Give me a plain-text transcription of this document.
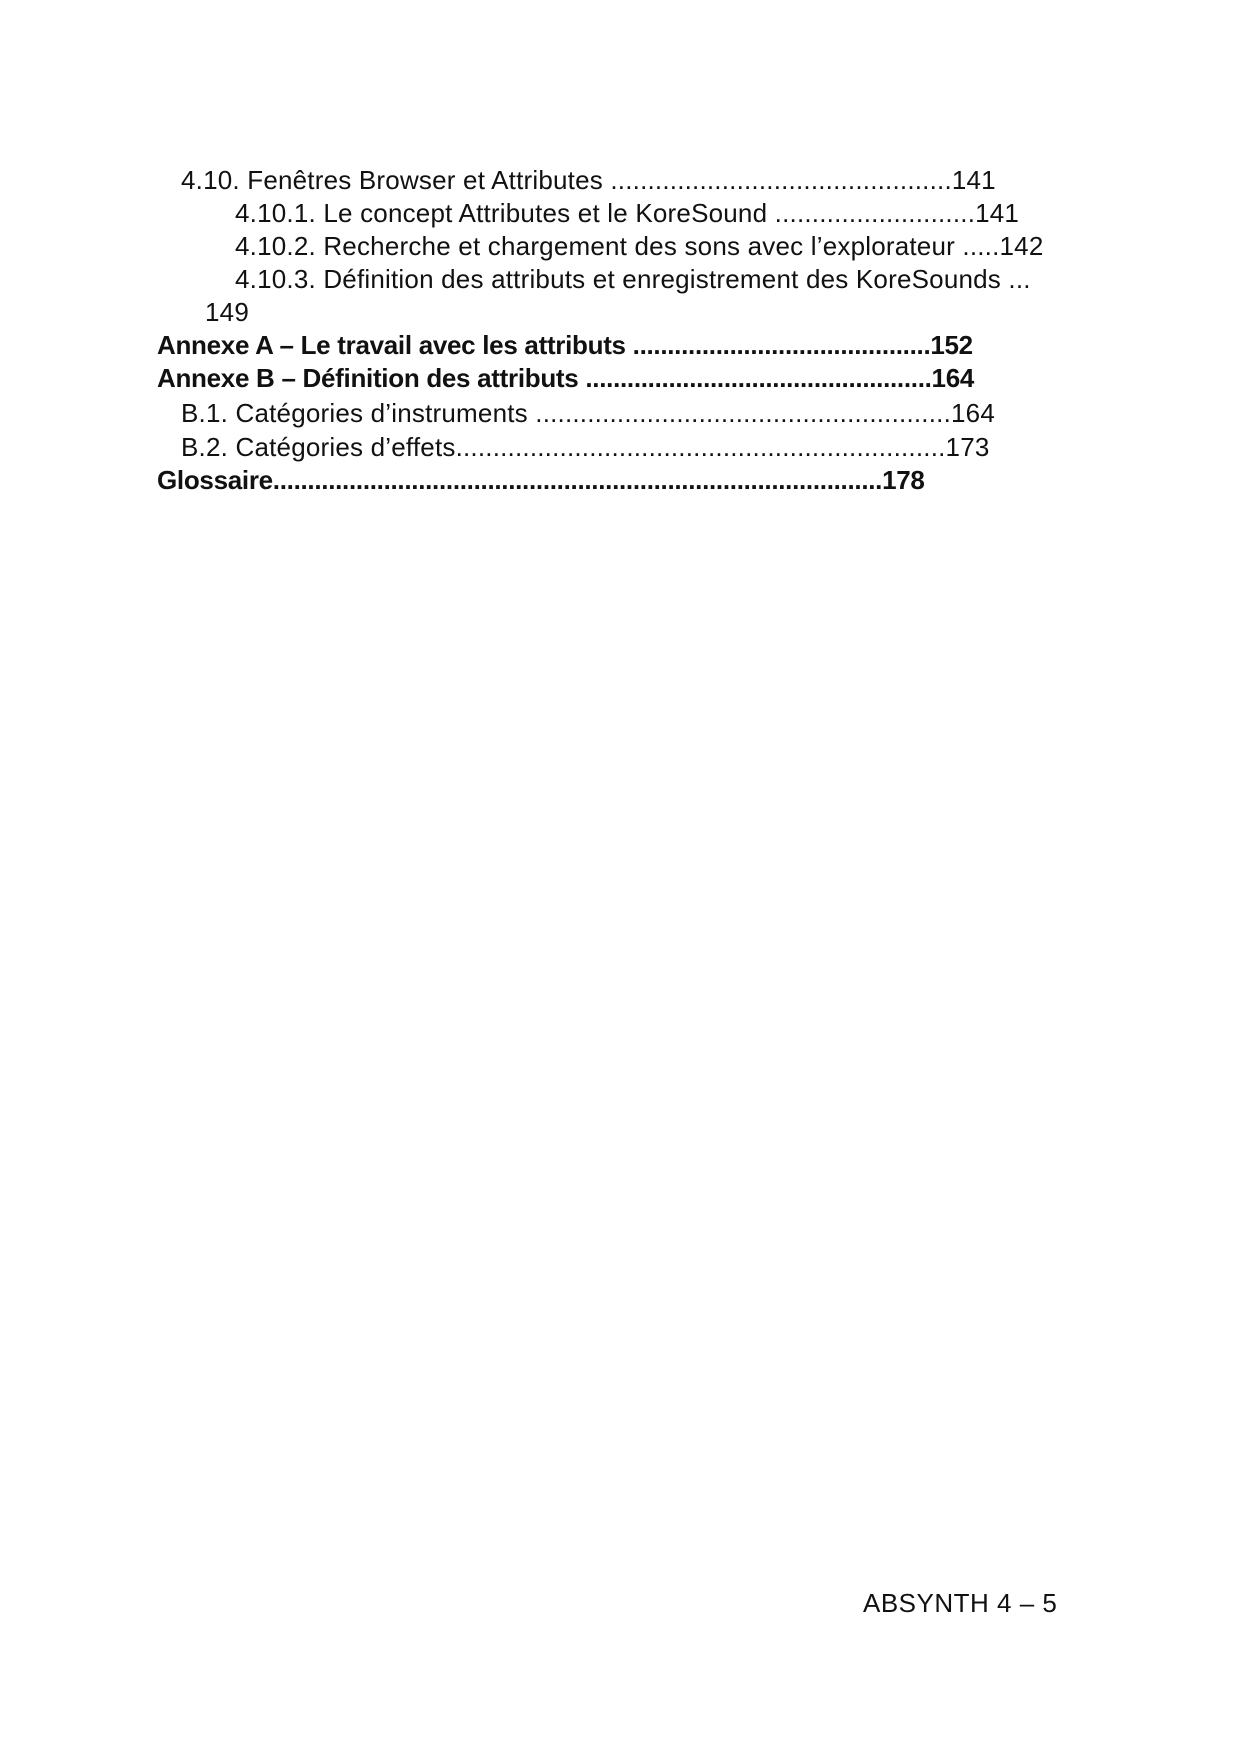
4.10. Fenêtres Browser et Attributes ..............................................141
4.10.1. Le concept Attributes et le KoreSound ...........................141
4.10.2. Recherche et chargement des sons avec l’explorateur .....142
4.10.3. Définition des attributs et enregistrement des KoreSounds ...
149
Annexe A – Le travail avec les attributs ...........................................152
Annexe B – Définition des attributs ..................................................164
B.1. Catégories d’instruments ........................................................164
B.2. Catégories d’effets..................................................................173
Glossaire........................................................................................178
ABSYNTH 4 – 5
